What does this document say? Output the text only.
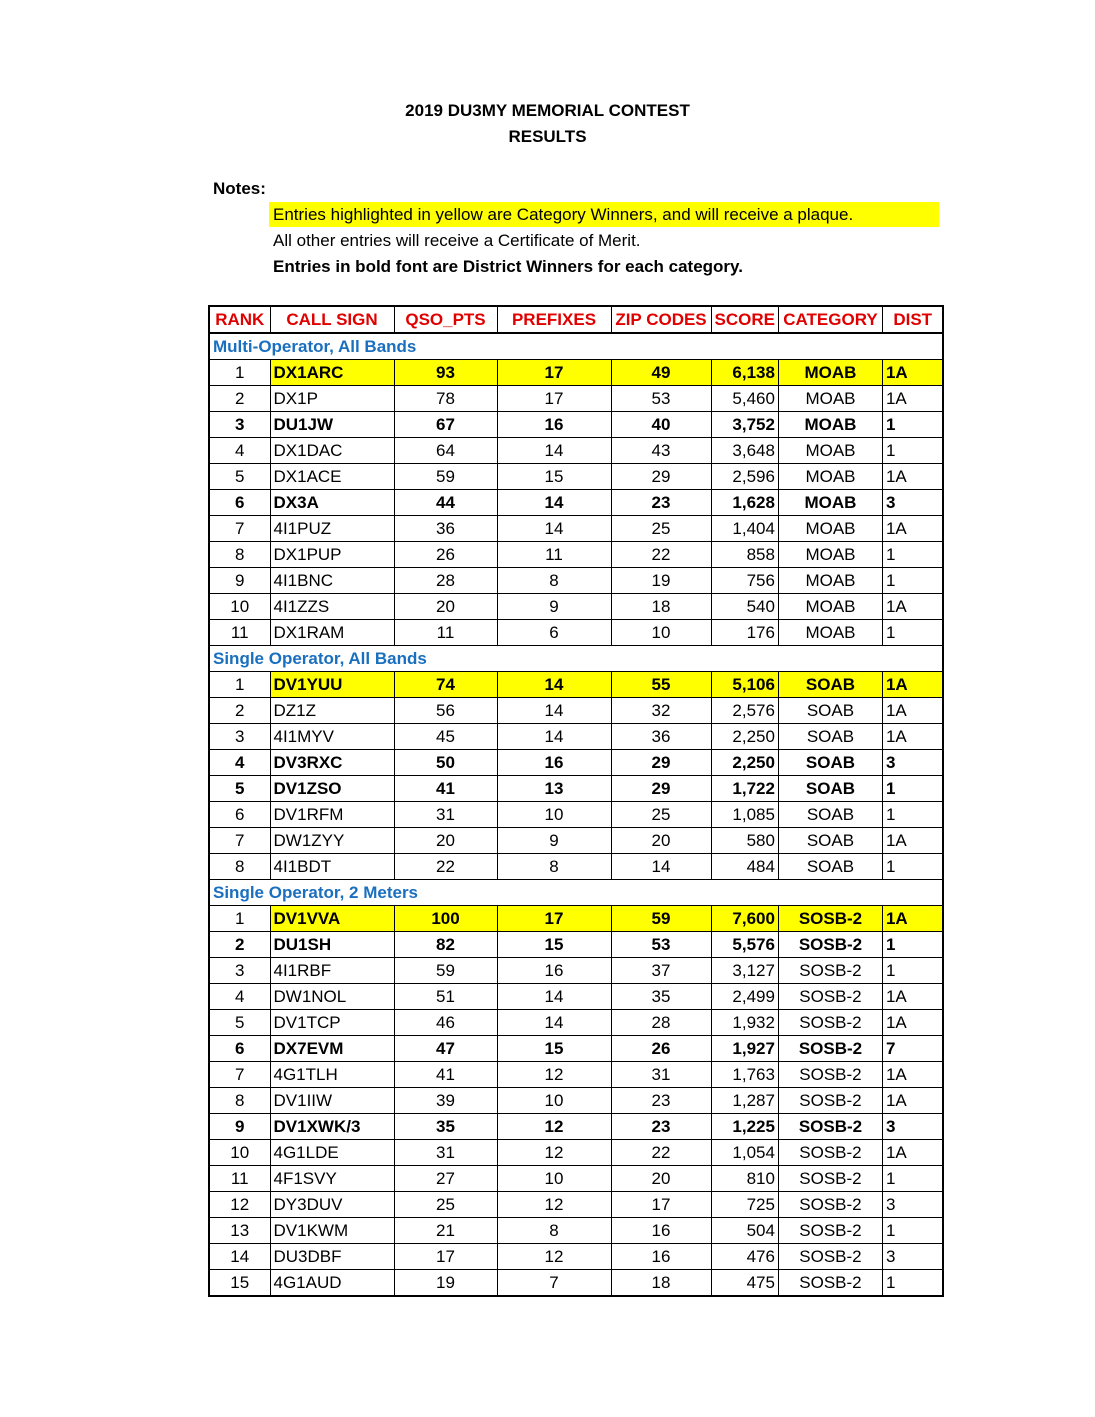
2019 DU3MY MEMORIAL CONTEST
RESULTS
Notes:
Entries highlighted in yellow are Category Winners, and will receive a plaque.
All other entries will receive a Certificate of Merit.
Entries in bold font are District Winners for each category.
RANK	CALL SIGN	QSO_PTS	PREFIXES	ZIP CODES	SCORE	CATEGORY	DIST
Multi-Operator, All Bands							
1	DX1ARC	93	17	49	6,138	MOAB	1A
2	DX1P	78	17	53	5,460	MOAB	1A
3	DU1JW	67	16	40	3,752	MOAB	1
4	DX1DAC	64	14	43	3,648	MOAB	1
5	DX1ACE	59	15	29	2,596	MOAB	1A
6	DX3A	44	14	23	1,628	MOAB	3
7	4I1PUZ	36	14	25	1,404	MOAB	1A
8	DX1PUP	26	11	22	858	MOAB	1
9	4I1BNC	28	8	19	756	MOAB	1
10	4I1ZZS	20	9	18	540	MOAB	1A
11	DX1RAM	11	6	10	176	MOAB	1
Single Operator, All Bands							
1	DV1YUU	74	14	55	5,106	SOAB	1A
2	DZ1Z	56	14	32	2,576	SOAB	1A
3	4I1MYV	45	14	36	2,250	SOAB	1A
4	DV3RXC	50	16	29	2,250	SOAB	3
5	DV1ZSO	41	13	29	1,722	SOAB	1
6	DV1RFM	31	10	25	1,085	SOAB	1
7	DW1ZYY	20	9	20	580	SOAB	1A
8	4I1BDT	22	8	14	484	SOAB	1
Single Operator, 2 Meters							
1	DV1VVA	100	17	59	7,600	SOSB-2	1A
2	DU1SH	82	15	53	5,576	SOSB-2	1
3	4I1RBF	59	16	37	3,127	SOSB-2	1
4	DW1NOL	51	14	35	2,499	SOSB-2	1A
5	DV1TCP	46	14	28	1,932	SOSB-2	1A
6	DX7EVM	47	15	26	1,927	SOSB-2	7
7	4G1TLH	41	12	31	1,763	SOSB-2	1A
8	DV1IIW	39	10	23	1,287	SOSB-2	1A
9	DV1XWK/3	35	12	23	1,225	SOSB-2	3
10	4G1LDE	31	12	22	1,054	SOSB-2	1A
11	4F1SVY	27	10	20	810	SOSB-2	1
12	DY3DUV	25	12	17	725	SOSB-2	3
13	DV1KWM	21	8	16	504	SOSB-2	1
14	DU3DBF	17	12	16	476	SOSB-2	3
15	4G1AUD	19	7	18	475	SOSB-2	1
